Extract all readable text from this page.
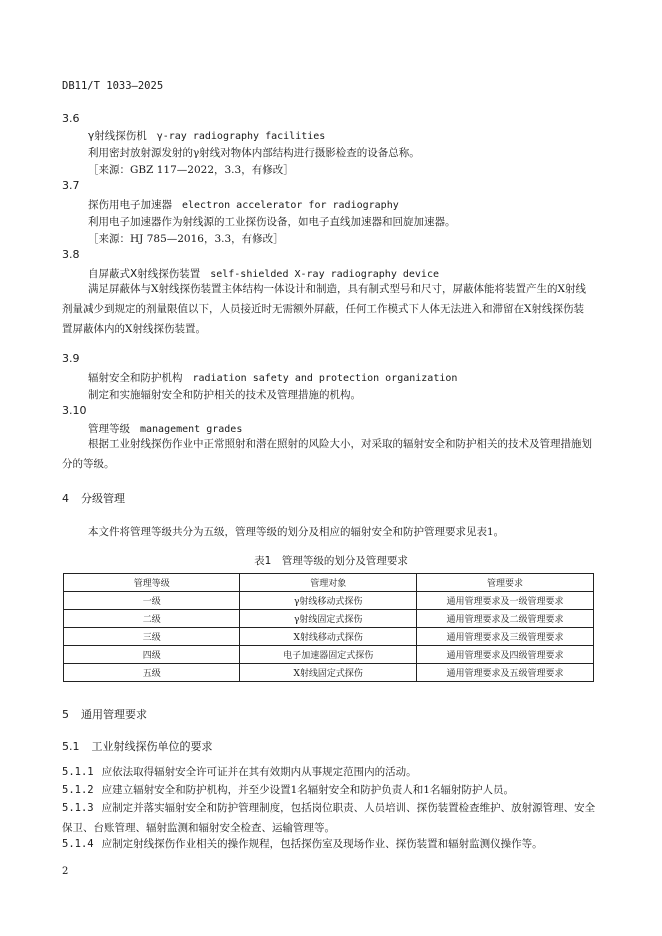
DB11/T 1033—2025
3.6
γ射线探伤机 γ-ray radiography facilities
利用密封放射源发射的γ射线对物体内部结构进行摄影检查的设备总称。
［来源：GBZ 117—2022，3.3，有修改］
3.7
探伤用电子加速器 electron accelerator for radiography
利用电子加速器作为射线源的工业探伤设备，如电子直线加速器和回旋加速器。
［来源：HJ 785—2016，3.3，有修改］
3.8
自屏蔽式X射线探伤装置 self-shielded X-ray radiography device
满足屏蔽体与X射线探伤装置主体结构一体设计和制造，具有制式型号和尺寸，屏蔽体能将装置产生的X射线剂量减少到规定的剂量限值以下，人员接近时无需额外屏蔽，任何工作模式下人体无法进入和滞留在X射线探伤装置屏蔽体内的X射线探伤装置。
3.9
辐射安全和防护机构 radiation safety and protection organization
制定和实施辐射安全和防护相关的技术及管理措施的机构。
3.10
管理等级 management grades
根据工业射线探伤作业中正常照射和潜在照射的风险大小，对采取的辐射安全和防护相关的技术及管理措施划分的等级。
4 分级管理
本文件将管理等级共分为五级，管理等级的划分及相应的辐射安全和防护管理要求见表1。
表1　管理等级的划分及管理要求
管理等级	管理对象	管理要求
一级	γ射线移动式探伤	通用管理要求及一级管理要求
二级	γ射线固定式探伤	通用管理要求及二级管理要求
三级	X射线移动式探伤	通用管理要求及三级管理要求
四级	电子加速器固定式探伤	通用管理要求及四级管理要求
五级	X射线固定式探伤	通用管理要求及五级管理要求
5 通用管理要求
5.1 工业射线探伤单位的要求
5.1.1 应依法取得辐射安全许可证并在其有效期内从事规定范围内的活动。
5.1.2 应建立辐射安全和防护机构，并至少设置1名辐射安全和防护负责人和1名辐射防护人员。
5.1.3 应制定并落实辐射安全和防护管理制度，包括岗位职责、人员培训、探伤装置检查维护、放射源管理、安全保卫、台账管理、辐射监测和辐射安全检查、运输管理等。
5.1.4 应制定射线探伤作业相关的操作规程，包括探伤室及现场作业、探伤装置和辐射监测仪操作等。
2
